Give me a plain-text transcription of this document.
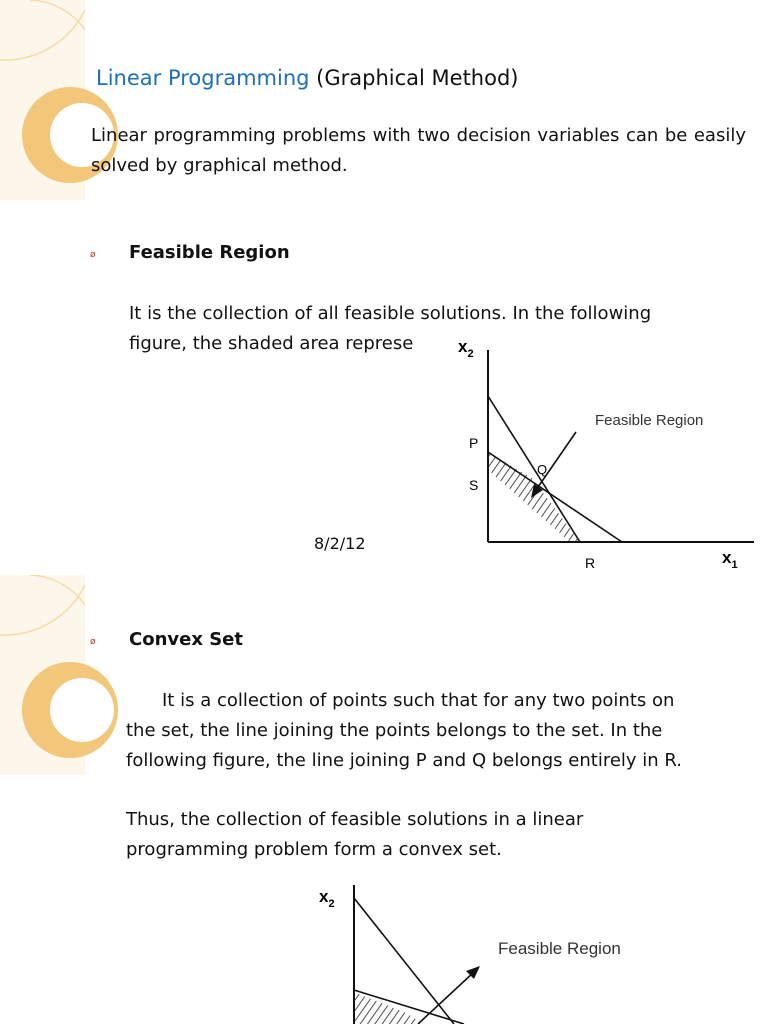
Linear Programming (Graphical Method)

Linear programming problems with two decision variables can be easily solved by graphical method.

ø Feasible Region

It is the collection of all feasible solutions. In the following

figure, the shaded area represe

8/2/12
$x_2$
$x_1$
Feasible Region
P
S
Q
R
ø Convex Set

It is a collection of points such that for any two points on

the set, the line joining the points belongs to the set. In the

following figure, the line joining P and Q belongs entirely in R.

Thus, the collection of feasible solutions in a linear

programming problem form a convex set.

$x_2$
Feasible Region
